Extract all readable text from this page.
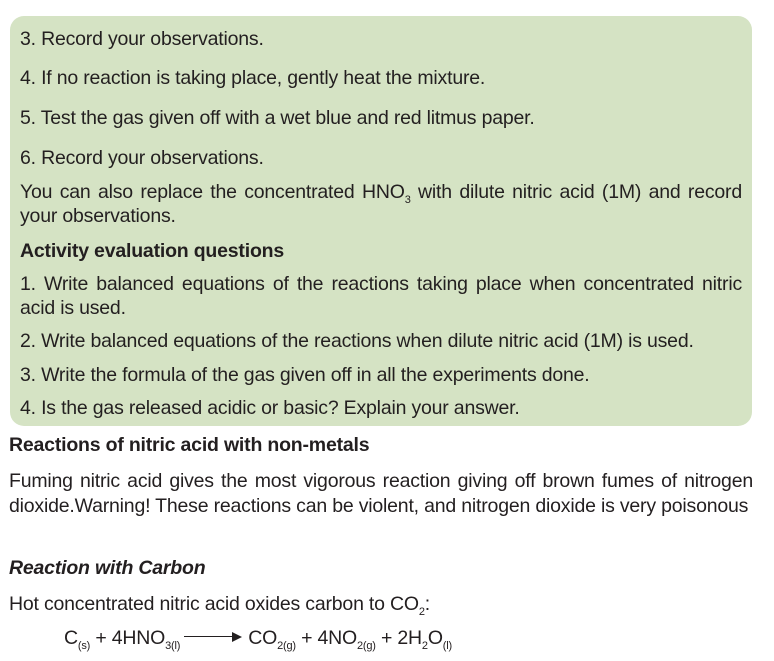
3. Record your observations.
4. If no reaction is taking place, gently heat the mixture.
5. Test the gas given off with a wet blue and red litmus paper.
6. Record your observations.
You can also replace the concentrated $HNO_3$ with dilute nitric acid (1M) and record your observations.
Activity evaluation questions
1. Write balanced equations of the reactions taking place when concentrated nitric acid is used.
2. Write balanced equations of the reactions when dilute nitric acid (1M) is used.
3. Write the formula of the gas given off in all the experiments done.
4. Is the gas released acidic or basic? Explain your answer.
Reactions of nitric acid with non-metals
Fuming nitric acid gives the most vigorous reaction giving off brown fumes of nitrogen dioxide.Warning! These reactions can be violent, and nitrogen dioxide is very poisonous
Reaction with Carbon
Hot concentrated nitric acid oxides carbon to $CO_2$:
$C_{(s)} + 4HNO_{3(l)}$	$CO_{2(g)} + 4NO_{2(g)} + 2H_2O_{(l)}$
